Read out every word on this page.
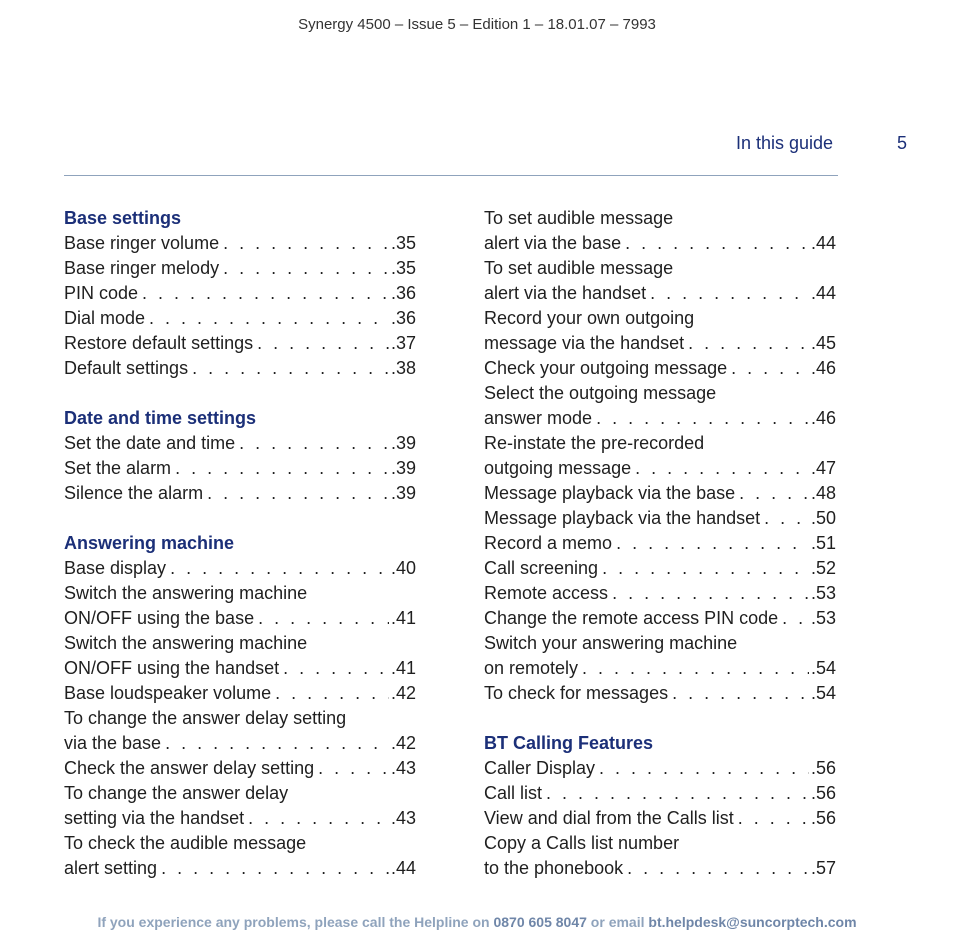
Synergy 4500 – Issue 5 – Edition 1 – 18.01.07 – 7993
In this guide	5
Base settings
Base ringer volume . . .	.35
Base ringer melody . . .	.35
PIN code . . .	.36
Dial mode . . .	.36
Restore default settings . . .	.37
Default settings . . .	.38
Date and time settings
Set the date and time . . .	.39
Set the alarm . . .	.39
Silence the alarm . . .	.39
Answering machine
Base display . . .	.40
Switch the answering machine
ON/OFF using the base . . .	.41
Switch the answering machine
ON/OFF using the handset . . .	.41
Base loudspeaker volume . . .	.42
To change the answer delay setting
via the base . . .	.42
Check the answer delay setting . . .	.43
To change the answer delay
setting via the handset . . .	.43
To check the audible message
alert setting . . .	.44
To set audible message
alert via the base . . .	.44
To set audible message
alert via the handset . . .	.44
Record your own outgoing
message via the handset . . .	.45
Check your outgoing message . . .	.46
Select the outgoing message
answer mode . . .	.46
Re-instate the pre-recorded
outgoing message . . .	.47
Message playback via the base . . .	.48
Message playback via the handset . . .	.50
Record a memo . . .	.51
Call screening . . .	.52
Remote access . . .	.53
Change the remote access PIN code . . . .53
Switch your answering machine
on remotely . . .	.54
To check for messages . . .	.54
BT Calling Features
Caller Display . . .	.56
Call list . . .	.56
View and dial from the Calls list . . .	.56
Copy a Calls list number
to the phonebook . . .	.57
If you experience any problems, please call the Helpline on 0870 605 8047 or email bt.helpdesk@suncorptech.com
